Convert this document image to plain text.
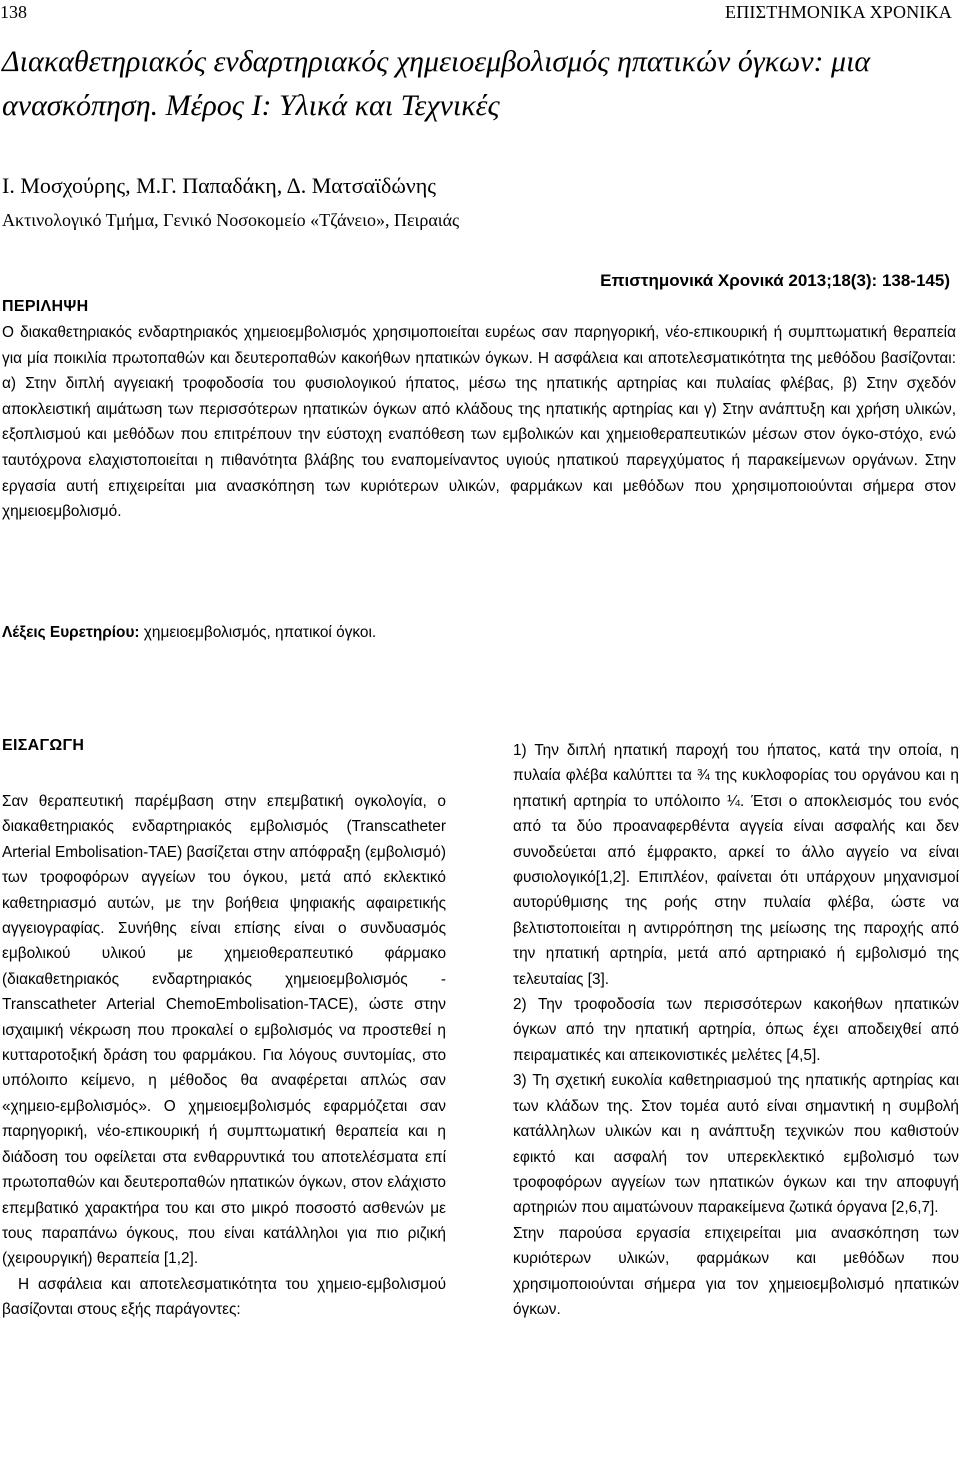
138	ΕΠΙΣΤΗΜΟΝΙΚΑ ΧΡΟΝΙΚΑ
Διακαθετηριακός ενδαρτηριακός χημειοεμβολισμός ηπατικών όγκων: μια ανασκόπηση. Μέρος Ι: Υλικά και Τεχνικές
Ι. Μοσχούρης, Μ.Γ. Παπαδάκη, Δ. Ματσαϊδώνης
Ακτινολογικό Τμήμα, Γενικό Νοσοκομείο «Τζάνειο», Πειραιάς
Επιστημονικά Χρονικά 2013;18(3): 138-145)
ΠΕΡΙΛΗΨΗ

Ο διακαθετηριακός ενδαρτηριακός χημειοεμβολισμός χρησιμοποιείται ευρέως σαν παρηγορική, νέο-επικουρική ή συμπτωματική θεραπεία για μία ποικιλία πρωτοπαθών και δευτεροπαθών κακοήθων ηπατικών όγκων. Η ασφάλεια και αποτελεσματικότητα της μεθόδου βασίζονται: α) Στην διπλή αγγειακή τροφοδοσία του φυσιολογικού ήπατος, μέσω της ηπατικής αρτηρίας και πυλαίας φλέβας, β) Στην σχεδόν αποκλειστική αιμάτωση των περισσότερων ηπατικών όγκων από κλάδους της ηπατικής αρτηρίας και γ) Στην ανάπτυξη και χρήση υλικών, εξοπλισμού και μεθόδων που επιτρέπουν την εύστοχη εναπόθεση των εμβολικών και χημειοθεραπευτικών μέσων στον όγκο-στόχο, ενώ ταυτόχρονα ελαχιστοποιείται η πιθανότητα βλάβης του εναπομείναντος υγιούς ηπατικού παρεγχύματος ή παρακείμενων οργάνων. Στην εργασία αυτή επιχειρείται μια ανασκόπηση των κυριότερων υλικών, φαρμάκων και μεθόδων που χρησιμοποιούνται σήμερα στον χημειοεμβολισμό.

Λέξεις Ευρετηρίου: χημειοεμβολισμός, ηπατικοί όγκοι.
ΕΙΣΑΓΩΓΗ

Σαν θεραπευτική παρέμβαση στην επεμβατική ογκολογία, ο διακαθετηριακός ενδαρτηριακός εμβολισμός (Transcatheter Arterial Embolisation-TAE) βασίζεται στην απόφραξη (εμβολισμό) των τροφοφόρων αγγείων του όγκου, μετά από εκλεκτικό καθετηριασμό αυτών, με την βοήθεια ψηφιακής αφαιρετικής αγγειογραφίας. Συνήθης είναι επίσης είναι ο συνδυασμός εμβολικού υλικού με χημειοθεραπευτικό φάρμακο (διακαθετηριακός ενδαρτηριακός χημειοεμβολισμός -Transcatheter Arterial ChemoEmbolisation-TACE), ώστε στην ισχαιμική νέκρωση που προκαλεί ο εμβολισμός να προστεθεί η κυτταροτοξική δράση του φαρμάκου. Για λόγους συντομίας, στο υπόλοιπο κείμενο, η μέθοδος θα αναφέρεται απλώς σαν «χημειο-εμβολισμός». Ο χημειοεμβολισμός εφαρμόζεται σαν παρηγορική, νέο-επικουρική ή συμπτωματική θεραπεία και η διάδοση του οφείλεται στα ενθαρρυντικά του αποτελέσματα επί πρωτοπαθών και δευτεροπαθών ηπατικών όγκων, στον ελάχιστο επεμβατικό χαρακτήρα του και στο μικρό ποσοστό ασθενών με τους παραπάνω όγκους, που είναι κατάλληλοι για πιο ριζική (χειρουργική) θεραπεία [1,2].

Η ασφάλεια και αποτελεσματικότητα του χημειο-εμβολισμού βασίζονται στους εξής παράγοντες:

1) Την διπλή ηπατική παροχή του ήπατος, κατά την οποία, η πυλαία φλέβα καλύπτει τα ¾ της κυκλοφορίας του οργάνου και η ηπατική αρτηρία το υπόλοιπο ¼. Έτσι ο αποκλεισμός του ενός από τα δύο προαναφερθέντα αγγεία είναι ασφαλής και δεν συνοδεύεται από έμφρακτο, αρκεί το άλλο αγγείο να είναι φυσιολογικό[1,2]. Επιπλέον, φαίνεται ότι υπάρχουν μηχανισμοί αυτορύθμισης της ροής στην πυλαία φλέβα, ώστε να βελτιστοποιείται η αντιρρόπηση της μείωσης της παροχής από την ηπατική αρτηρία, μετά από αρτηριακό ή εμβολισμό της τελευταίας [3].

2) Την τροφοδοσία των περισσότερων κακοήθων ηπατικών όγκων από την ηπατική αρτηρία, όπως έχει αποδειχθεί από πειραματικές και απεικονιστικές μελέτες [4,5].

3) Τη σχετική ευκολία καθετηριασμού της ηπατικής αρτηρίας και των κλάδων της. Στον τομέα αυτό είναι σημαντική η συμβολή κατάλληλων υλικών και η ανάπτυξη τεχνικών που καθιστούν εφικτό και ασφαλή τον υπερεκλεκτικό εμβολισμό των τροφοφόρων αγγείων των ηπατικών όγκων και την αποφυγή αρτηριών που αιματώνουν παρακείμενα ζωτικά όργανα [2,6,7].

Στην παρούσα εργασία επιχειρείται μια ανασκόπηση των κυριότερων υλικών, φαρμάκων και μεθόδων που χρησιμοποιούνται σήμερα για τον χημειοεμβολισμό ηπατικών όγκων.
